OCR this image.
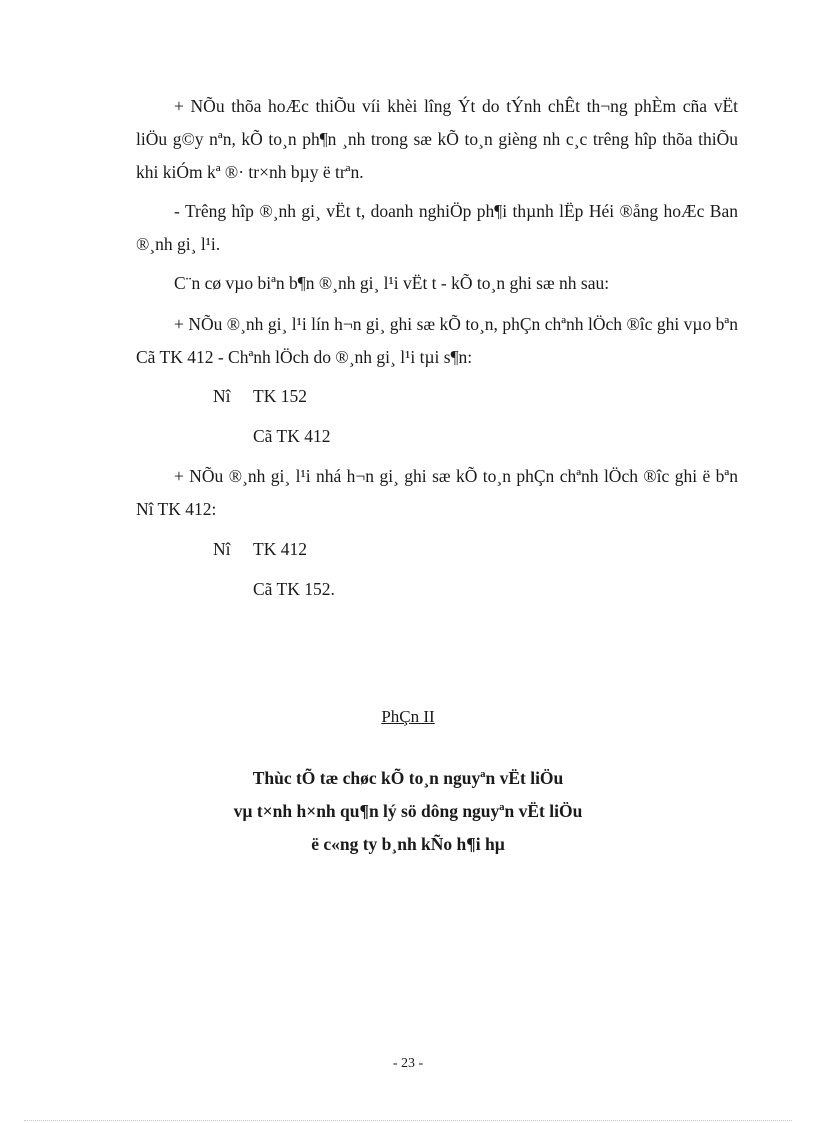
+ NÕu thõa hoÆc thiÕu víi khèi lîng Ýt do tÝnh chÊt th¬ng phÈm cña vËt liÖu g©y nªn, kÕ to¸n ph¶n ¸nh trong sæ kÕ to¸n gièng nh c¸c trêng hîp thõa thiÕu khi kiÓm kª ®· tr×nh bµy ë trªn.

- Trêng hîp ®¸nh gi¸ vËt t, doanh nghiÖp ph¶i thµnh lËp Héi ®ång hoÆc Ban ®¸nh gi¸ l¹i.

C¨n cø vµo biªn b¶n ®¸nh gi¸ l¹i vËt t - kÕ to¸n ghi sæ nh sau:

+ NÕu ®¸nh gi¸ l¹i lín h¬n gi¸ ghi sæ kÕ to¸n, phÇn chªnh lÖch ®îc ghi vµo bªn Cã TK 412 - Chªnh lÖch do ®¸nh gi¸ l¹i tµi s¶n:

Nî TK 152
Cã TK 412

+ NÕu ®¸nh gi¸ l¹i nhá h¬n gi¸ ghi sæ kÕ to¸n phÇn chªnh lÖch ®îc ghi ë bªn Nî TK 412:

Nî TK 412
Cã TK 152.

PhÇn II

Thùc tÕ tæ chøc kÕ to¸n nguyªn vËt liÖu
vµ t×nh h×nh qu¶n lý sö dông nguyªn vËt liÖu
ë c«ng ty b¸nh kÑo h¶i hµ

- 23 -
